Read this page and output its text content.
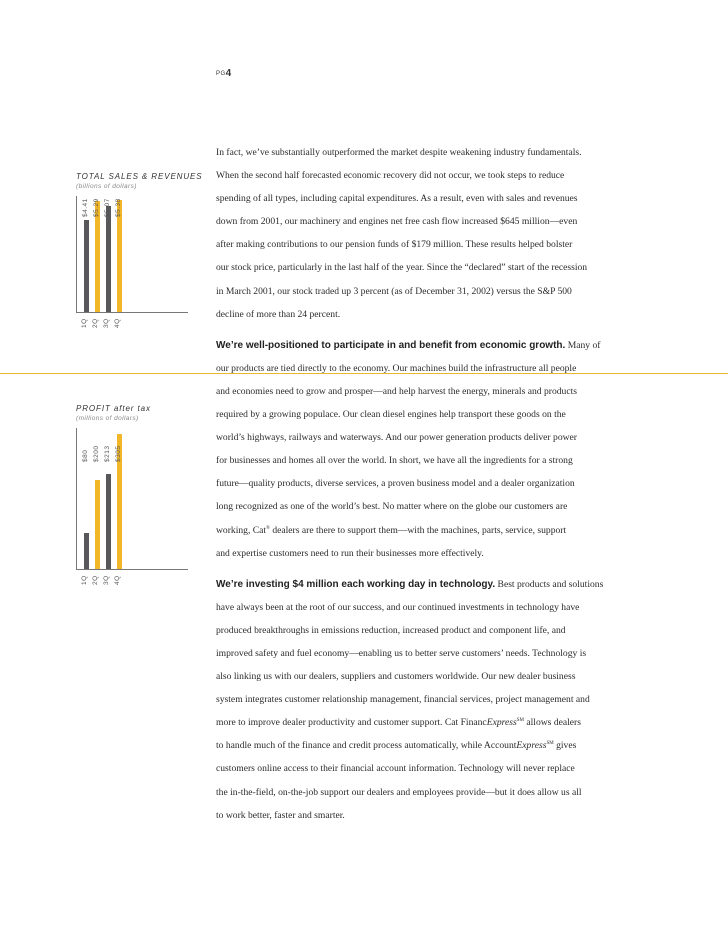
PG4
TOTAL SALES & REVENUES
(billions of dollars)
$4.41 $5.29 $5.07 $5.38
1Q 2Q 3Q 4Q
PROFIT after tax
(millions of dollars)
$80 $200 $213 $305
1Q 2Q 3Q 4Q

In fact, we’ve substantially outperformed the market despite weakening industry fundamentals.
When the second half forecasted economic recovery did not occur, we took steps to reduce
spending of all types, including capital expenditures. As a result, even with sales and revenues
down from 2001, our machinery and engines net free cash flow increased $645 million—even
after making contributions to our pension funds of $179 million. These results helped bolster
our stock price, particularly in the last half of the year. Since the “declared” start of the recession
in March 2001, our stock traded up 3 percent (as of December 31, 2002) versus the S&P 500
decline of more than 24 percent.

We’re well-positioned to participate in and benefit from economic growth. Many of
our products are tied directly to the economy. Our machines build the infrastructure all people
and economies need to grow and prosper—and help harvest the energy, minerals and products
required by a growing populace. Our clean diesel engines help transport these goods on the
world’s highways, railways and waterways. And our power generation products deliver power
for businesses and homes all over the world. In short, we have all the ingredients for a strong
future—quality products, diverse services, a proven business model and a dealer organization
long recognized as one of the world’s best. No matter where on the globe our customers are
working, Cat® dealers are there to support them—with the machines, parts, service, support
and expertise customers need to run their businesses more effectively.

We’re investing $4 million each working day in technology. Best products and solutions
have always been at the root of our success, and our continued investments in technology have
produced breakthroughs in emissions reduction, increased product and component life, and
improved safety and fuel economy—enabling us to better serve customers’ needs. Technology is
also linking us with our dealers, suppliers and customers worldwide. Our new dealer business
system integrates customer relationship management, financial services, project management and
more to improve dealer productivity and customer support. Cat FinancExpress℠ allows dealers
to handle much of the finance and credit process automatically, while AccountExpress℠ gives
customers online access to their financial account information. Technology will never replace
the in-the-field, on-the-job support our dealers and employees provide—but it does allow us all
to work better, faster and smarter.
